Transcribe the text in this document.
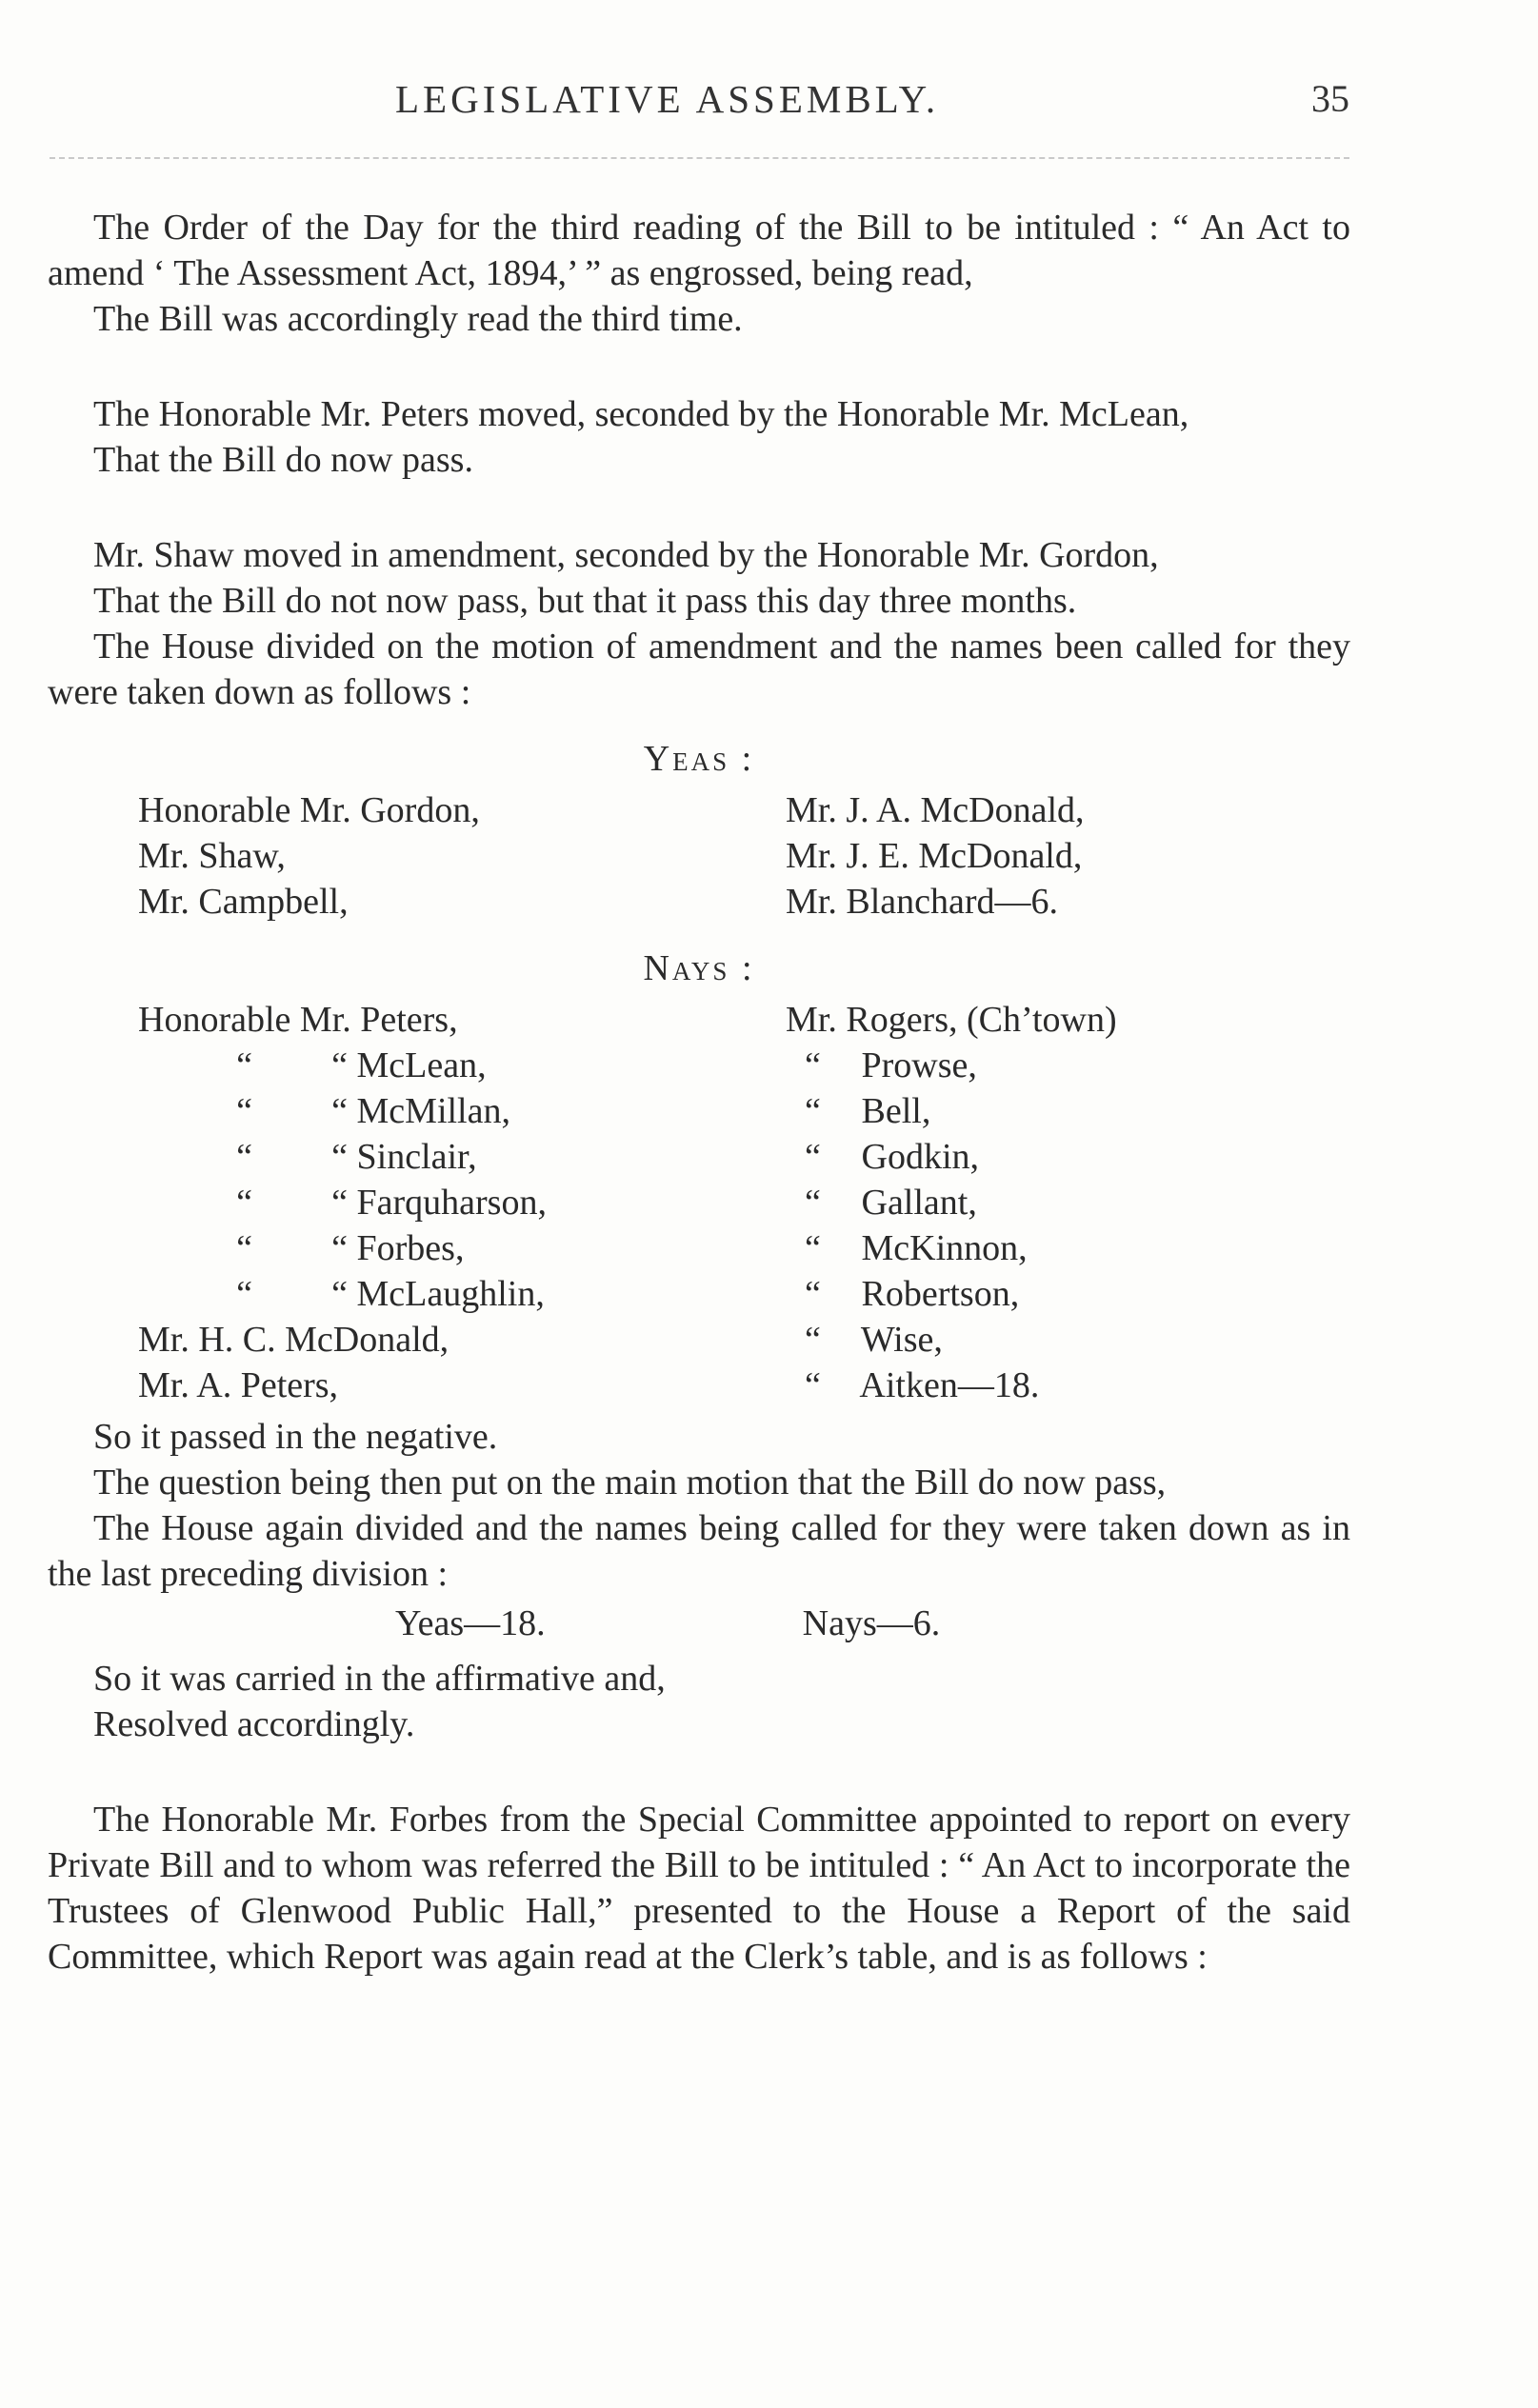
LEGISLATIVE ASSEMBLY.	35

The Order of the Day for the third reading of the Bill to be intituled : “ An Act to amend ‘ The Assessment Act, 1894,’ ” as engrossed, being read,

The Bill was accordingly read the third time.

The Honorable Mr. Peters moved, seconded by the Honorable Mr. McLean,

That the Bill do now pass.

Mr. Shaw moved in amendment, seconded by the Honorable Mr. Gordon,

That the Bill do not now pass, but that it pass this day three months.

The House divided on the motion of amendment and the names been called for they were taken down as follows :

Yeas :
Honorable Mr. Gordon,	Mr. J. A. McDonald,
Mr. Shaw,	Mr. J. E. McDonald,
Mr. Campbell,	Mr. Blanchard—6.
Nays :
Honorable Mr. Peters,	Mr. Rogers, (Ch’town)
“ “ McLean,	“ Prowse,
“ “ McMillan,	“ Bell,
“ “ Sinclair,	“ Godkin,
“ “ Farquharson,	“ Gallant,
“ “ Forbes,	“ McKinnon,
“ “ McLaughlin,	“ Robertson,
Mr. H. C. McDonald,	“ Wise,
Mr. A. Peters,	“ Aitken—18.

So it passed in the negative.

The question being then put on the main motion that the Bill do now pass,

The House again divided and the names being called for they were taken down as in the last preceding division :

Yeas—18.	Nays—6.

So it was carried in the affirmative and,

Resolved accordingly.

The Honorable Mr. Forbes from the Special Committee appointed to report on every Private Bill and to whom was referred the Bill to be intituled : “ An Act to incorporate the Trustees of Glenwood Public Hall,” presented to the House a Report of the said Committee, which Report was again read at the Clerk’s table, and is as follows :
